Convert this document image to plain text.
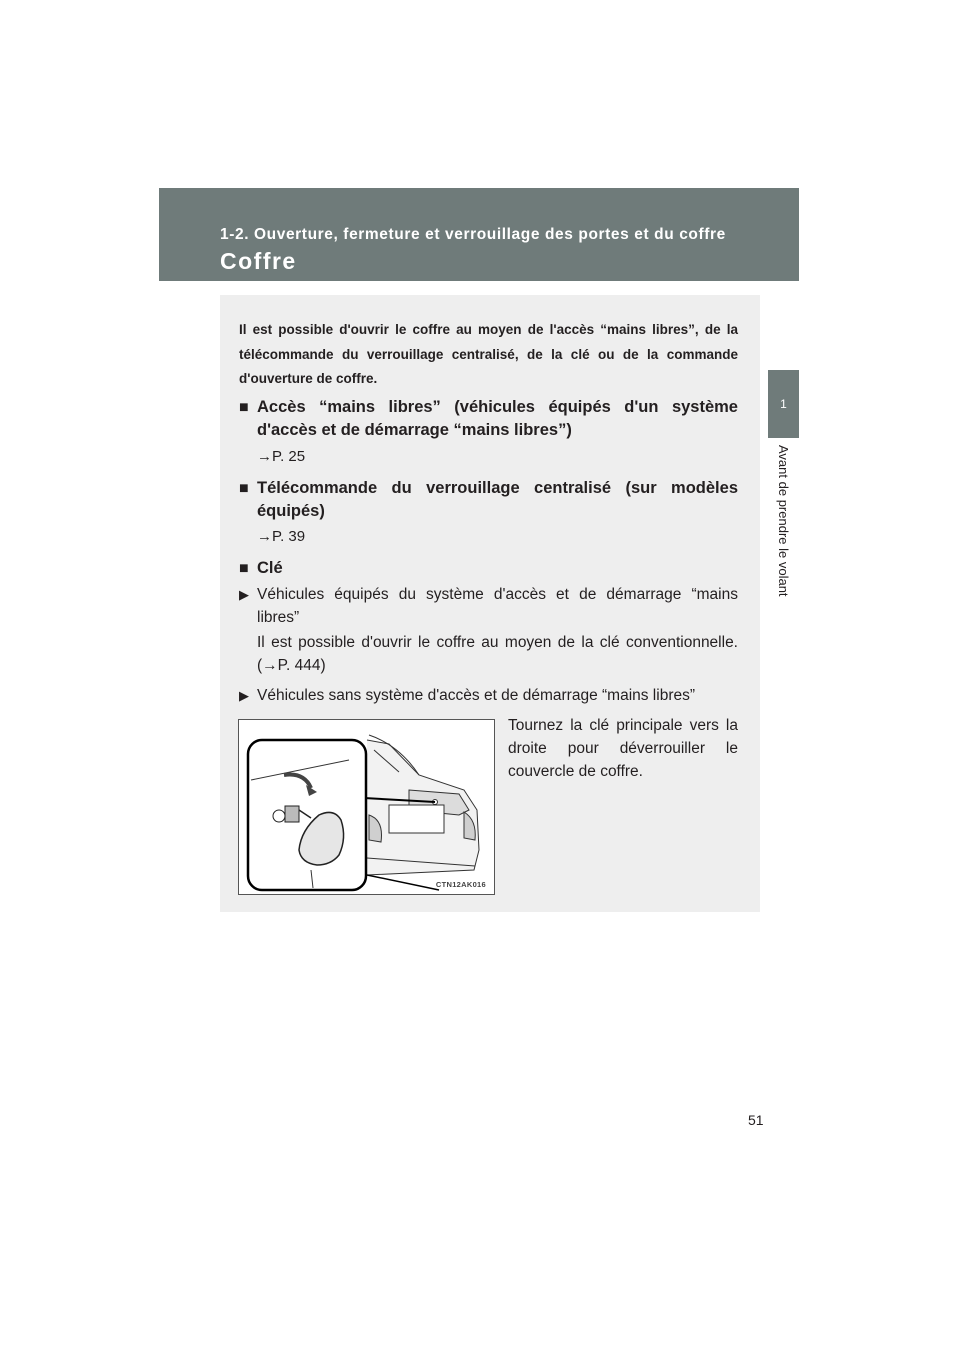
1-2. Ouverture, fermeture et verrouillage des portes et du coffre
Coffre
1
Avant de prendre le volant
Il est possible d'ouvrir le coffre au moyen de l'accès “mains libres”, de la télécommande du verrouillage centralisé, de la clé ou de la commande d'ouverture de coffre.
■ Accès “mains libres” (véhicules équipés d'un système d'accès et de démarrage “mains libres”)
→P. 25
■ Télécommande du verrouillage centralisé (sur modèles équipés)
→P. 39
■ Clé
▶ Véhicules équipés du système d'accès et de démarrage “mains libres”
Il est possible d'ouvrir le coffre au moyen de la clé conventionnelle. (→P. 444)
▶ Véhicules sans système d'accès et de démarrage “mains libres”
CTN12AK016
Tournez la clé principale vers la droite pour déverrouiller le couvercle de coffre.
51
